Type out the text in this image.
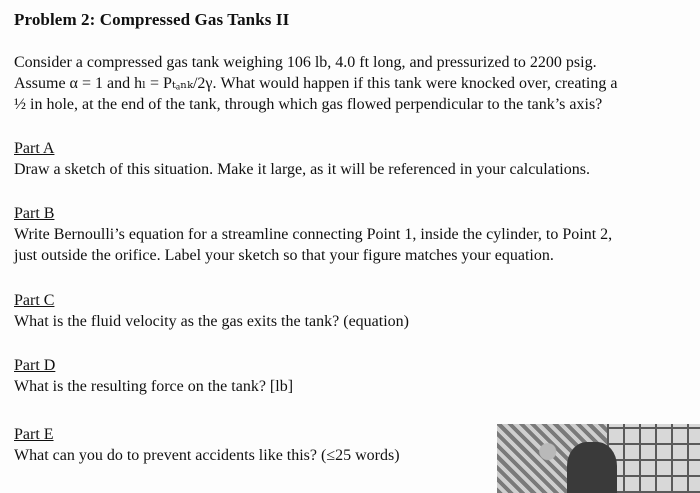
Problem 2: Compressed Gas Tanks II
Consider a compressed gas tank weighing 106 lb, 4.0 ft long, and pressurized to 2200 psig.
Assume α = 1 and hₗ = Pₜₐₙₖ/2γ. What would happen if this tank were knocked over, creating a
½ in hole, at the end of the tank, through which gas flowed perpendicular to the tank’s axis?
Part A
Draw a sketch of this situation. Make it large, as it will be referenced in your calculations.
Part B
Write Bernoulli’s equation for a streamline connecting Point 1, inside the cylinder, to Point 2,
just outside the orifice. Label your sketch so that your figure matches your equation.
Part C
What is the fluid velocity as the gas exits the tank? (equation)
Part D
What is the resulting force on the tank? [lb]
Part E
What can you do to prevent accidents like this? (≤25 words)
